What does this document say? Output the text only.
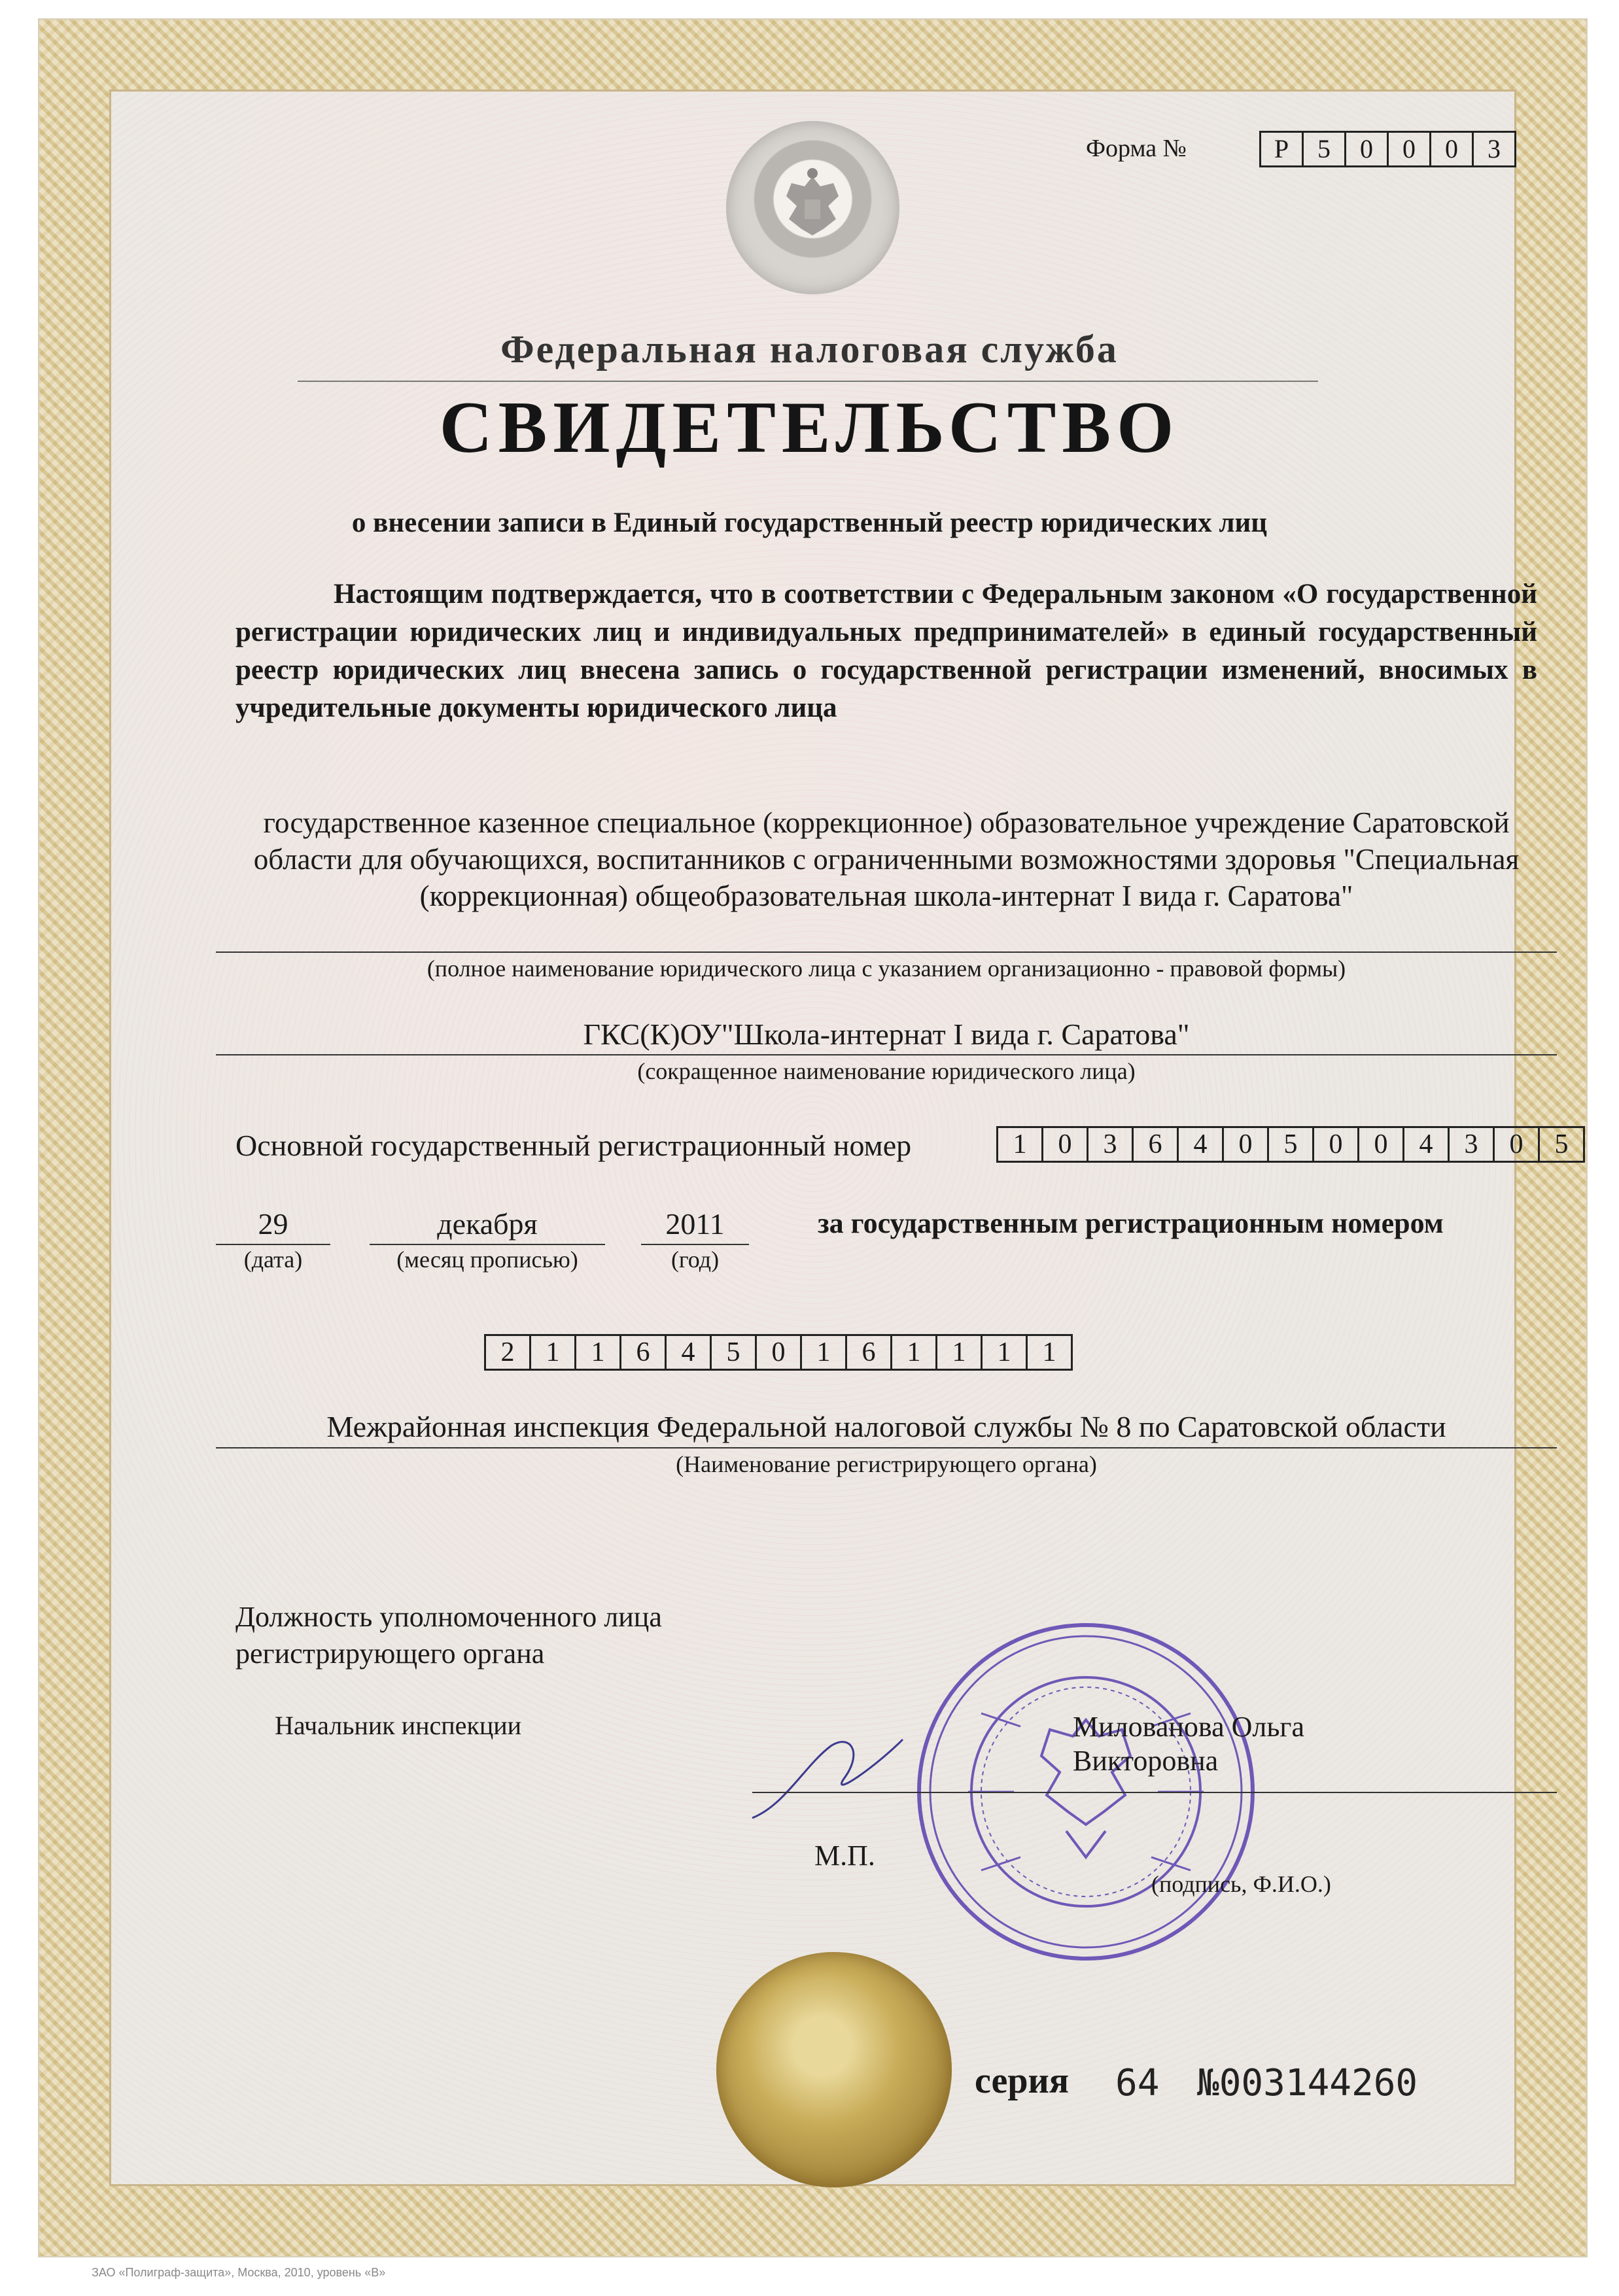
Форма №	Р	5	0	0	0	3
Федеральная налоговая служба
СВИДЕТЕЛЬСТВО
о внесении записи в Единый государственный реестр юридических лиц
Настоящим подтверждается, что в соответствии с Федеральным законом «О государственной регистрации юридических лиц и индивидуальных предпринимателей» в единый государственный реестр юридических лиц внесена запись о государственной регистрации изменений, вносимых в учредительные документы юридического лица
государственное казенное специальное (коррекционное) образовательное учреждение Саратовской области для обучающихся, воспитанников с ограниченными возможностями здоровья "Специальная (коррекционная) общеобразовательная школа-интернат I вида г. Саратова"
(полное наименование юридического лица с указанием организационно - правовой формы)
ГКС(К)ОУ"Школа-интернат I вида г. Саратова"
(сокращенное наименование юридического лица)
Основной государственный регистрационный номер	1	0	3	6	4	0	5	0	0	4	3	0	5
29
(дата)
декабря
(месяц прописью)
2011
(год)
за государственным регистрационным номером
2	1	1	6	4	5	0	1	6	1	1	1	1
Межрайонная инспекция Федеральной налоговой службы № 8 по Саратовской области
(Наименование регистрирующего органа)
Должность уполномоченного лица регистрирующего органа
Начальник инспекции	Милованова Ольга Викторовна
М.П.
(подпись, Ф.И.О.)
серия 64 №003144260
ЗАО «Полиграф-защита», Москва, 2010, уровень «В»
